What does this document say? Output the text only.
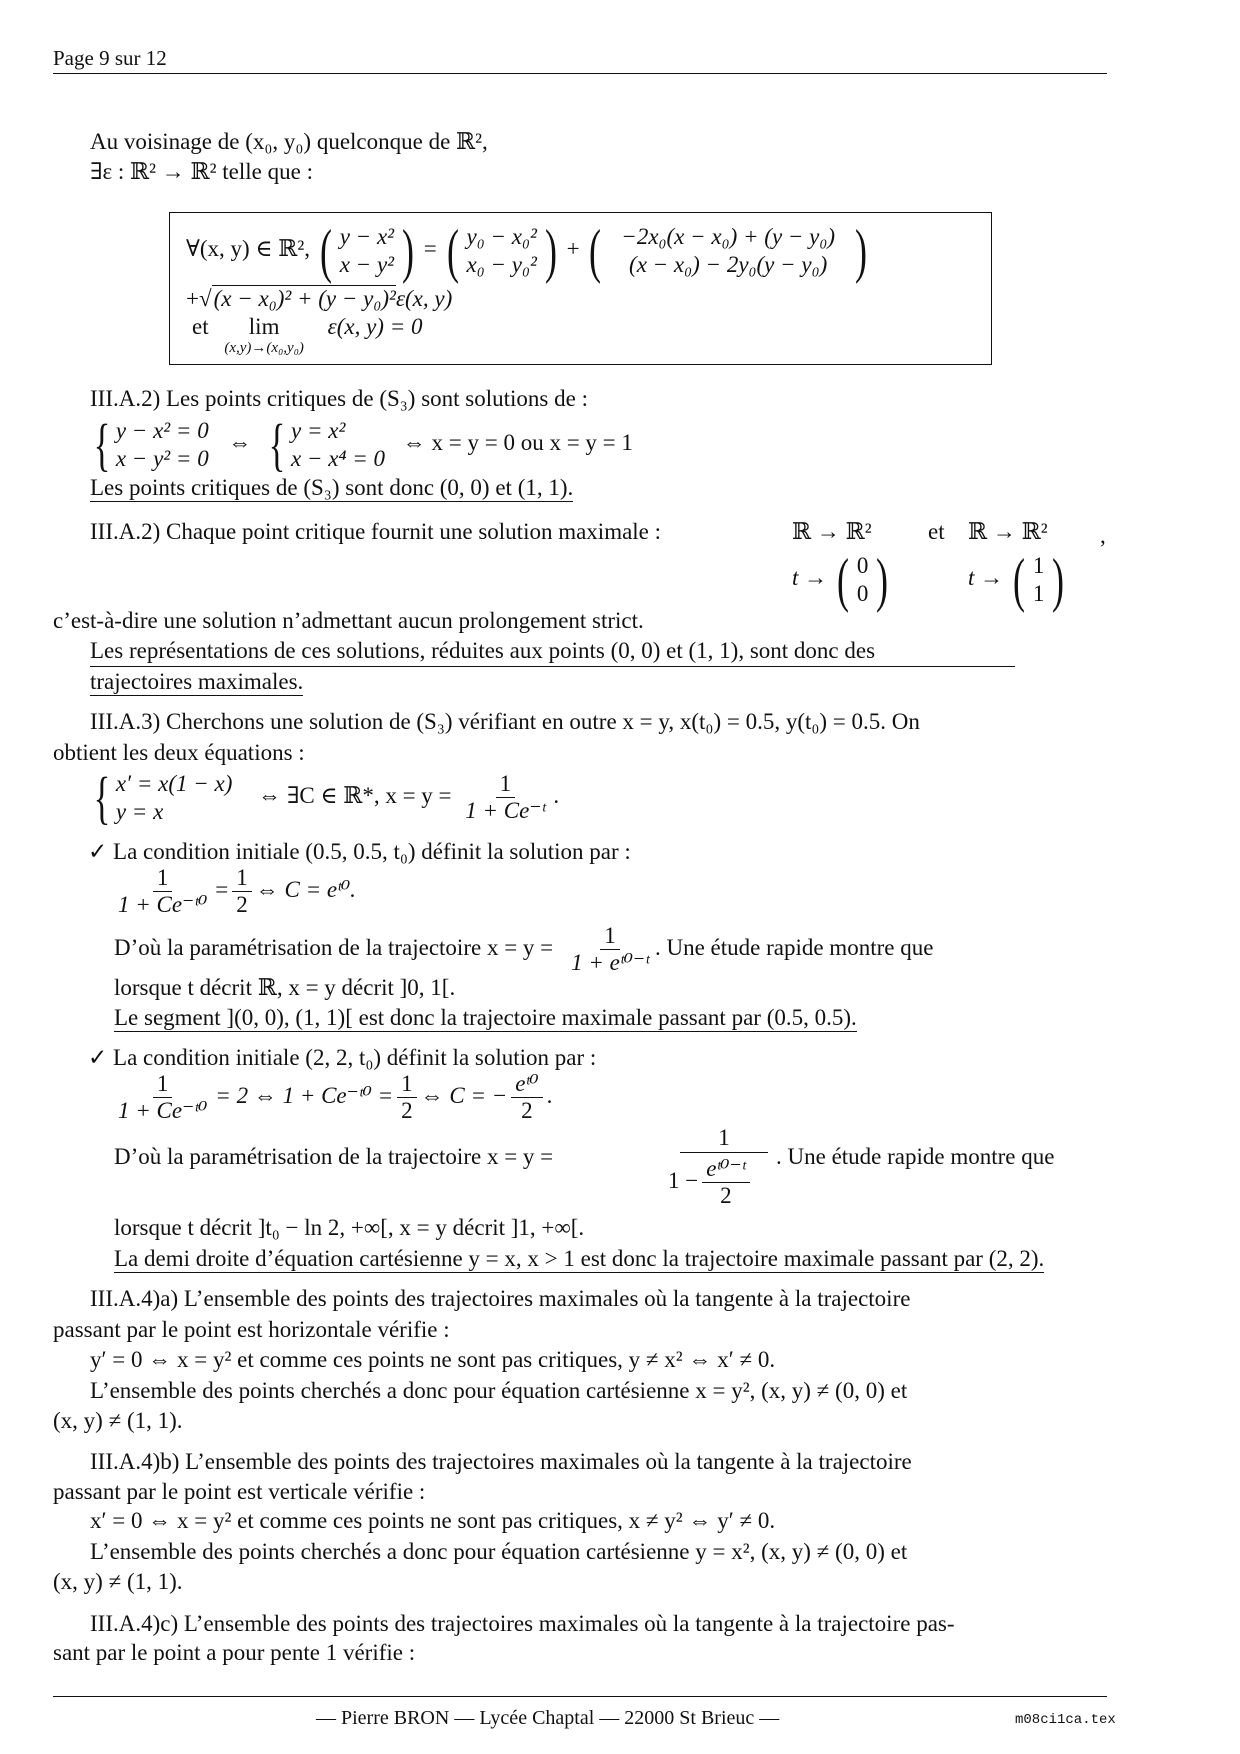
Page 9 sur 12
Au voisinage de (x₀, y₀) quelconque de ℝ²,
∃ε : ℝ² → ℝ² telle que :
∀(x, y) ∈ ℝ², ( y − x²
x − y² ) = ( y₀ − x₀²
x₀ − y₀² ) + ( −2x₀(x − x₀) + (y − y₀)
(x − x₀) − 2y₀(y − y₀) )
+√(x − x₀)² + (y − y₀)²ε(x, y)
et lim
(x,y)→(x₀,y₀)
ε(x, y) = 0
III.A.2) Les points critiques de (S₃) sont solutions de :
{ y − x² = 0
x − y² = 0
⇔ { y = x²
x − x⁴ = 0
⇔ x = y = 0 ou x = y = 1
Les points critiques de (S₃) sont donc (0, 0) et (1, 1).
III.A.2) Chaque point critique fournit une solution maximale :	ℝ → ℝ² et ℝ → ℝ² ,
t → ( 0
0 )	t → ( 1
1 )
c’est-à-dire une solution n’admettant aucun prolongement strict.
Les représentations de ces solutions, réduites aux points (0, 0) et (1, 1), sont donc des
trajectoires maximales.
III.A.3) Cherchons une solution de (S₃) vérifiant en outre x = y, x(t₀) = 0.5, y(t₀) = 0.5. On
obtient les deux équations :
{ x′ = x(1 − x)
y = x
⇔ ∃C ∈ ℝ*, $x = y = \frac{1}{\text{1 + Ce⁻ᵗ}}$ .
✓ La condition initiale (0.5, 0.5, t₀) définit la solution par :
$\frac{1}{\text{1 + Ce⁻ᵗ⁰}} = \frac{1}{2}$ ⇔ C = eᵗ⁰.
D’où la paramétrisation de la trajectoire $x = y = \frac{1}{\text{1 + eᵗ⁰⁻ᵗ}}$ . Une étude rapide montre que
lorsque t décrit ℝ, x = y décrit ]0, 1[.
Le segment ](0, 0), (1, 1)[ est donc la trajectoire maximale passant par (0.5, 0.5).
✓ La condition initiale (2, 2, t₀) définit la solution par :
$\frac{1}{\text{1 + Ce⁻ᵗ⁰}} = 2$ ⇔ 1 + Ce⁻ᵗ⁰ = $\frac{1}{2}$ ⇔ C = − $\frac{\text{eᵗ⁰}}{2}$ .
D’où la paramétrisation de la trajectoire x = y =	$\frac{1}{1 - \frac{\text{eᵗ⁰⁻ᵗ}}{2}}$ . Une étude rapide montre que
lorsque t décrit ]t₀ − ln 2, +∞[, x = y décrit ]1, +∞[.
La demi droite d’équation cartésienne y = x, x > 1 est donc la trajectoire maximale passant par (2, 2).
III.A.4)a) L’ensemble des points des trajectoires maximales où la tangente à la trajectoire
passant par le point est horizontale vérifie :
y′ = 0 ⇔ x = y² et comme ces points ne sont pas critiques, y ≠ x² ⇔ x′ ≠ 0.
L’ensemble des points cherchés a donc pour équation cartésienne x = y², (x, y) ≠ (0, 0) et
(x, y) ≠ (1, 1).
III.A.4)b) L’ensemble des points des trajectoires maximales où la tangente à la trajectoire
passant par le point est verticale vérifie :
x′ = 0 ⇔ x = y² et comme ces points ne sont pas critiques, x ≠ y² ⇔ y′ ≠ 0.
L’ensemble des points cherchés a donc pour équation cartésienne y = x², (x, y) ≠ (0, 0) et
(x, y) ≠ (1, 1).
III.A.4)c) L’ensemble des points des trajectoires maximales où la tangente à la trajectoire pas-
sant par le point a pour pente 1 vérifie :
— Pierre BRON — Lycée Chaptal — 22000 St Brieuc —	m08ci1ca.tex
